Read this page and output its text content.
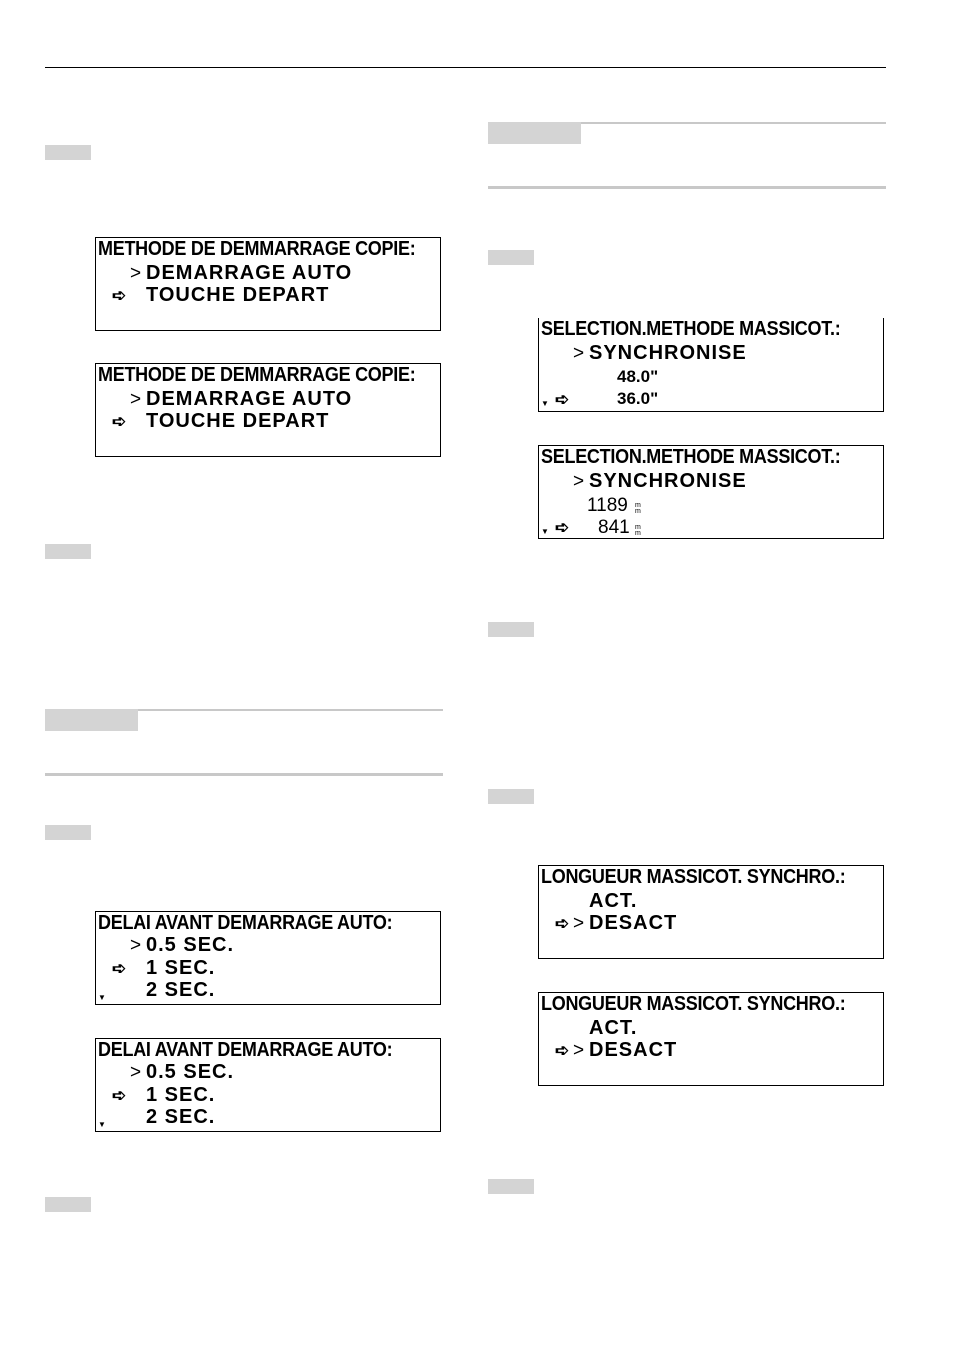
METHODE DE DEMMARRAGE COPIE:
> DEMARRAGE AUTO
➪ TOUCHE DEPART
METHODE DE DEMMARRAGE COPIE:
> DEMARRAGE AUTO
➪ TOUCHE DEPART
DELAI AVANT DEMARRAGE AUTO:
> 0.5 SEC.
➪ 1 SEC.
2 SEC.
▼
DELAI AVANT DEMARRAGE AUTO:
> 0.5 SEC.
➪ 1 SEC.
2 SEC.
▼
SELECTION.METHODE MASSICOT.:
> SYNCHRONISE
48.0"
➪	36.0"
▼
SELECTION.METHODE MASSICOT.:
> SYNCHRONISE
1189 m m
➪ 841 m m
▼
LONGUEUR MASSICOT. SYNCHRO.:
ACT.
➪ > DESACT
LONGUEUR MASSICOT. SYNCHRO.:
ACT.
➪ > DESACT
